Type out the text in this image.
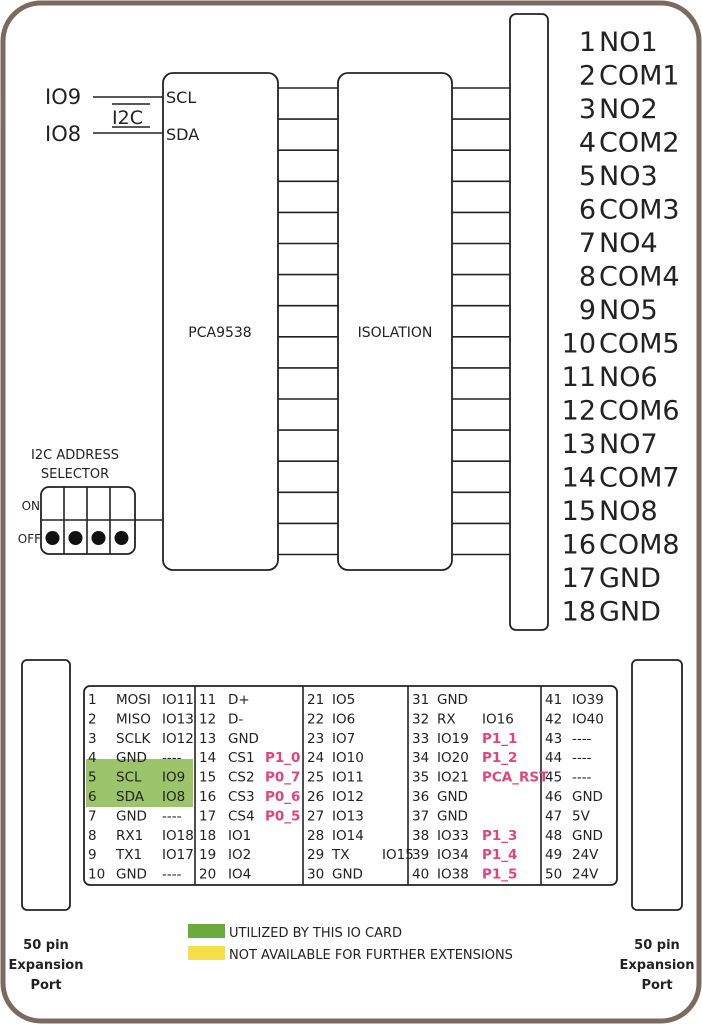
IO9
IO8
I2C
PCA9538
SCL
SDA
ISOLATION
1 NO1
2 COM1
3 NO2
4 COM2
5 NO3
6 COM3
7 NO4
8 COM4
9 NO5
10 COM5
11 NO6
12 COM6
13 NO7
14 COM7
15 NO8
16 COM8
17 GND
18 GND
I2C ADDRESS
SELECTOR
ON
OFF
50 pin
Expansion
Port
50 pin
Expansion
Port
1 MOSI IO11
2 MISO IO13
3 SCLK IO12
4 GND ----
5 SCL IO9
6 SDA IO8
7 GND ----
8 RX1 IO18
9 TX1 IO17
10 GND ----
11 D+
12 D-
13 GND
14 CS1 P1_0
15 CS2 P0_7
16 CS3 P0_6
17 CS4 P0_5
18 IO1
19 IO2
20 IO4
21 IO5
22 IO6
23 IO7
24 IO10
25 IO11
26 IO12
27 IO13
28 IO14
29 TX IO15
30 GND
31 GND
32 RX IO16
33 IO19 P1_1
34 IO20 P1_2
35 IO21 PCA_RST
36 GND
37 GND
38 IO33 P1_3
39 IO34 P1_4
40 IO38 P1_5
41 IO39
42 IO40
43 ----
44 ----
45 ----
46 GND
47 5V
48 GND
49 24V
50 24V
UTILIZED BY THIS IO CARD
NOT AVAILABLE FOR FURTHER EXTENSIONS
